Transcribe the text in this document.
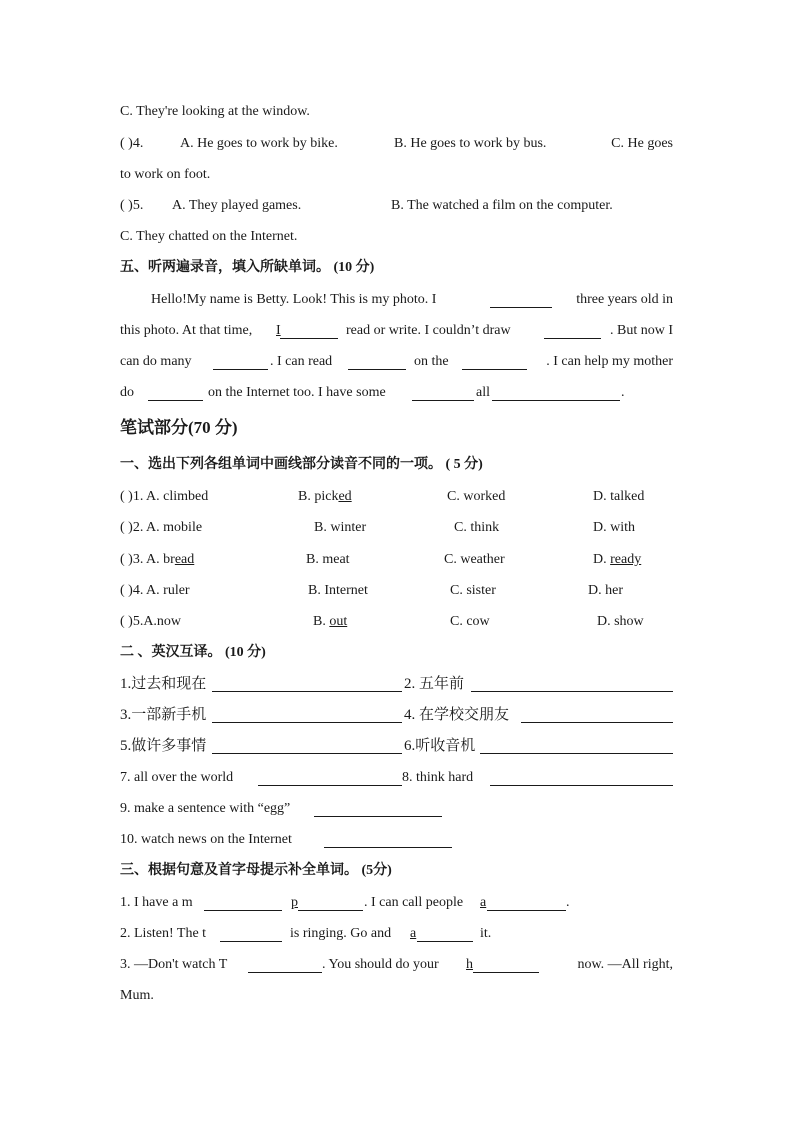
C. They're looking at the window.
( )4.	A. He goes to work by bike.	B. He goes to work by bus.	C. He goes
to work on foot.
( )5. A. They played games.	B. The watched a film on the computer.
C. They chatted on the Internet.
五、听两遍录音，填入所缺单词。 (10 分)
Hello!My name is Betty. Look! This is my photo. I	three years old in
this photo. At that time, I	read or write. I couldn’t draw	. But now I
can do many	. I can read	on the	. I can help my mother
do	on the Internet too. I have some	all	.
笔试部分(70 分)
一、选出下列各组单词中画线部分读音不同的一项。 ( 5 分)
( )1. A. climbed	B. picked	C. worked	D. talked
( )2. A. mobile	B. winter	C. think	D. with
( )3. A. bread	B. meat	C. weather	D. ready
( )4. A. ruler	B. Internet	C. sister	D. her
( )5.A.now	B. out	C. cow	D. show
二 、英汉互译。 (10 分)
1.过去和现在	2. 五年前
3.一部新手机	4. 在学校交朋友
5.做许多事情	6.听收音机
7. all over the world	8. think hard
9. make a sentence with “egg”
10. watch news on the Internet
三、根据句意及首字母提示补全单词。 (5分)
1. I have a m	p	. I can call people a	.
2. Listen! The t	is ringing. Go and a	it.
3. —Don't watch T	. You should do your h	now. —All right,
Mum.
